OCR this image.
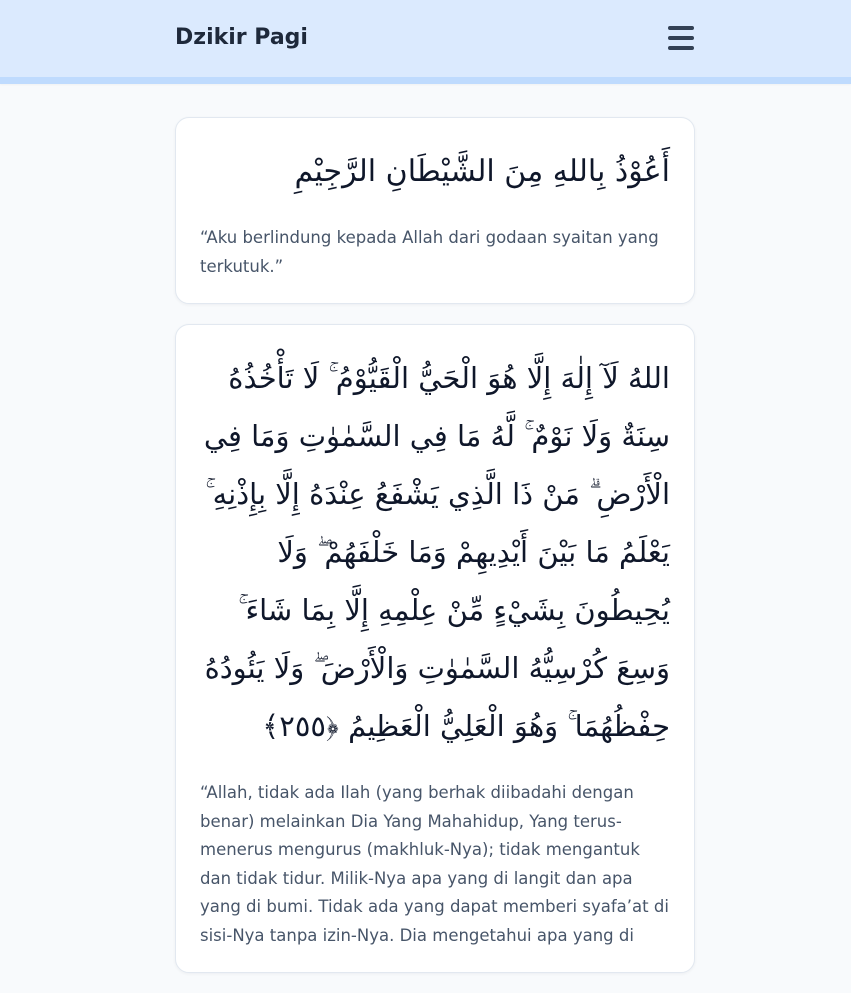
Dzikir Pagi
أَعُوْذُ بِاللهِ مِنَ الشَّيْطَانِ الرَّجِيْمِ
“Aku berlindung kepada Allah dari godaan syaitan yang terkutuk.”
اللهُ لَآ إِلٰهَ إِلَّا هُوَ الْحَيُّ الْقَيُّوْمُ ۚ لَا تَأْخُذُهُ سِنَةٌ وَلَا نَوْمٌ ۚ لَّهُ مَا فِي السَّمٰوٰتِ وَمَا فِي الْأَرْضِ ۗ مَنْ ذَا الَّذِي يَشْفَعُ عِنْدَهُ إِلَّا بِإِذْنِهِ ۚ يَعْلَمُ مَا بَيْنَ أَيْدِيهِمْ وَمَا خَلْفَهُمْ ۖ وَلَا يُحِيطُونَ بِشَيْءٍ مِّنْ عِلْمِهِ إِلَّا بِمَا شَاءَ ۚ وَسِعَ كُرْسِيُّهُ السَّمٰوٰتِ وَالْأَرْضَ ۖ وَلَا يَئُودُهُ حِفْظُهُمَا ۚ وَهُوَ الْعَلِيُّ الْعَظِيمُ ﴿٢٥٥﴾
“Allah, tidak ada Ilah (yang berhak diibadahi dengan benar) melainkan Dia Yang Mahahidup, Yang terus-menerus mengurus (makhluk-Nya); tidak mengantuk dan tidak tidur. Milik-Nya apa yang di langit dan apa yang di bumi. Tidak ada yang dapat memberi syafa’at di sisi-Nya tanpa izin-Nya. Dia mengetahui apa yang di
